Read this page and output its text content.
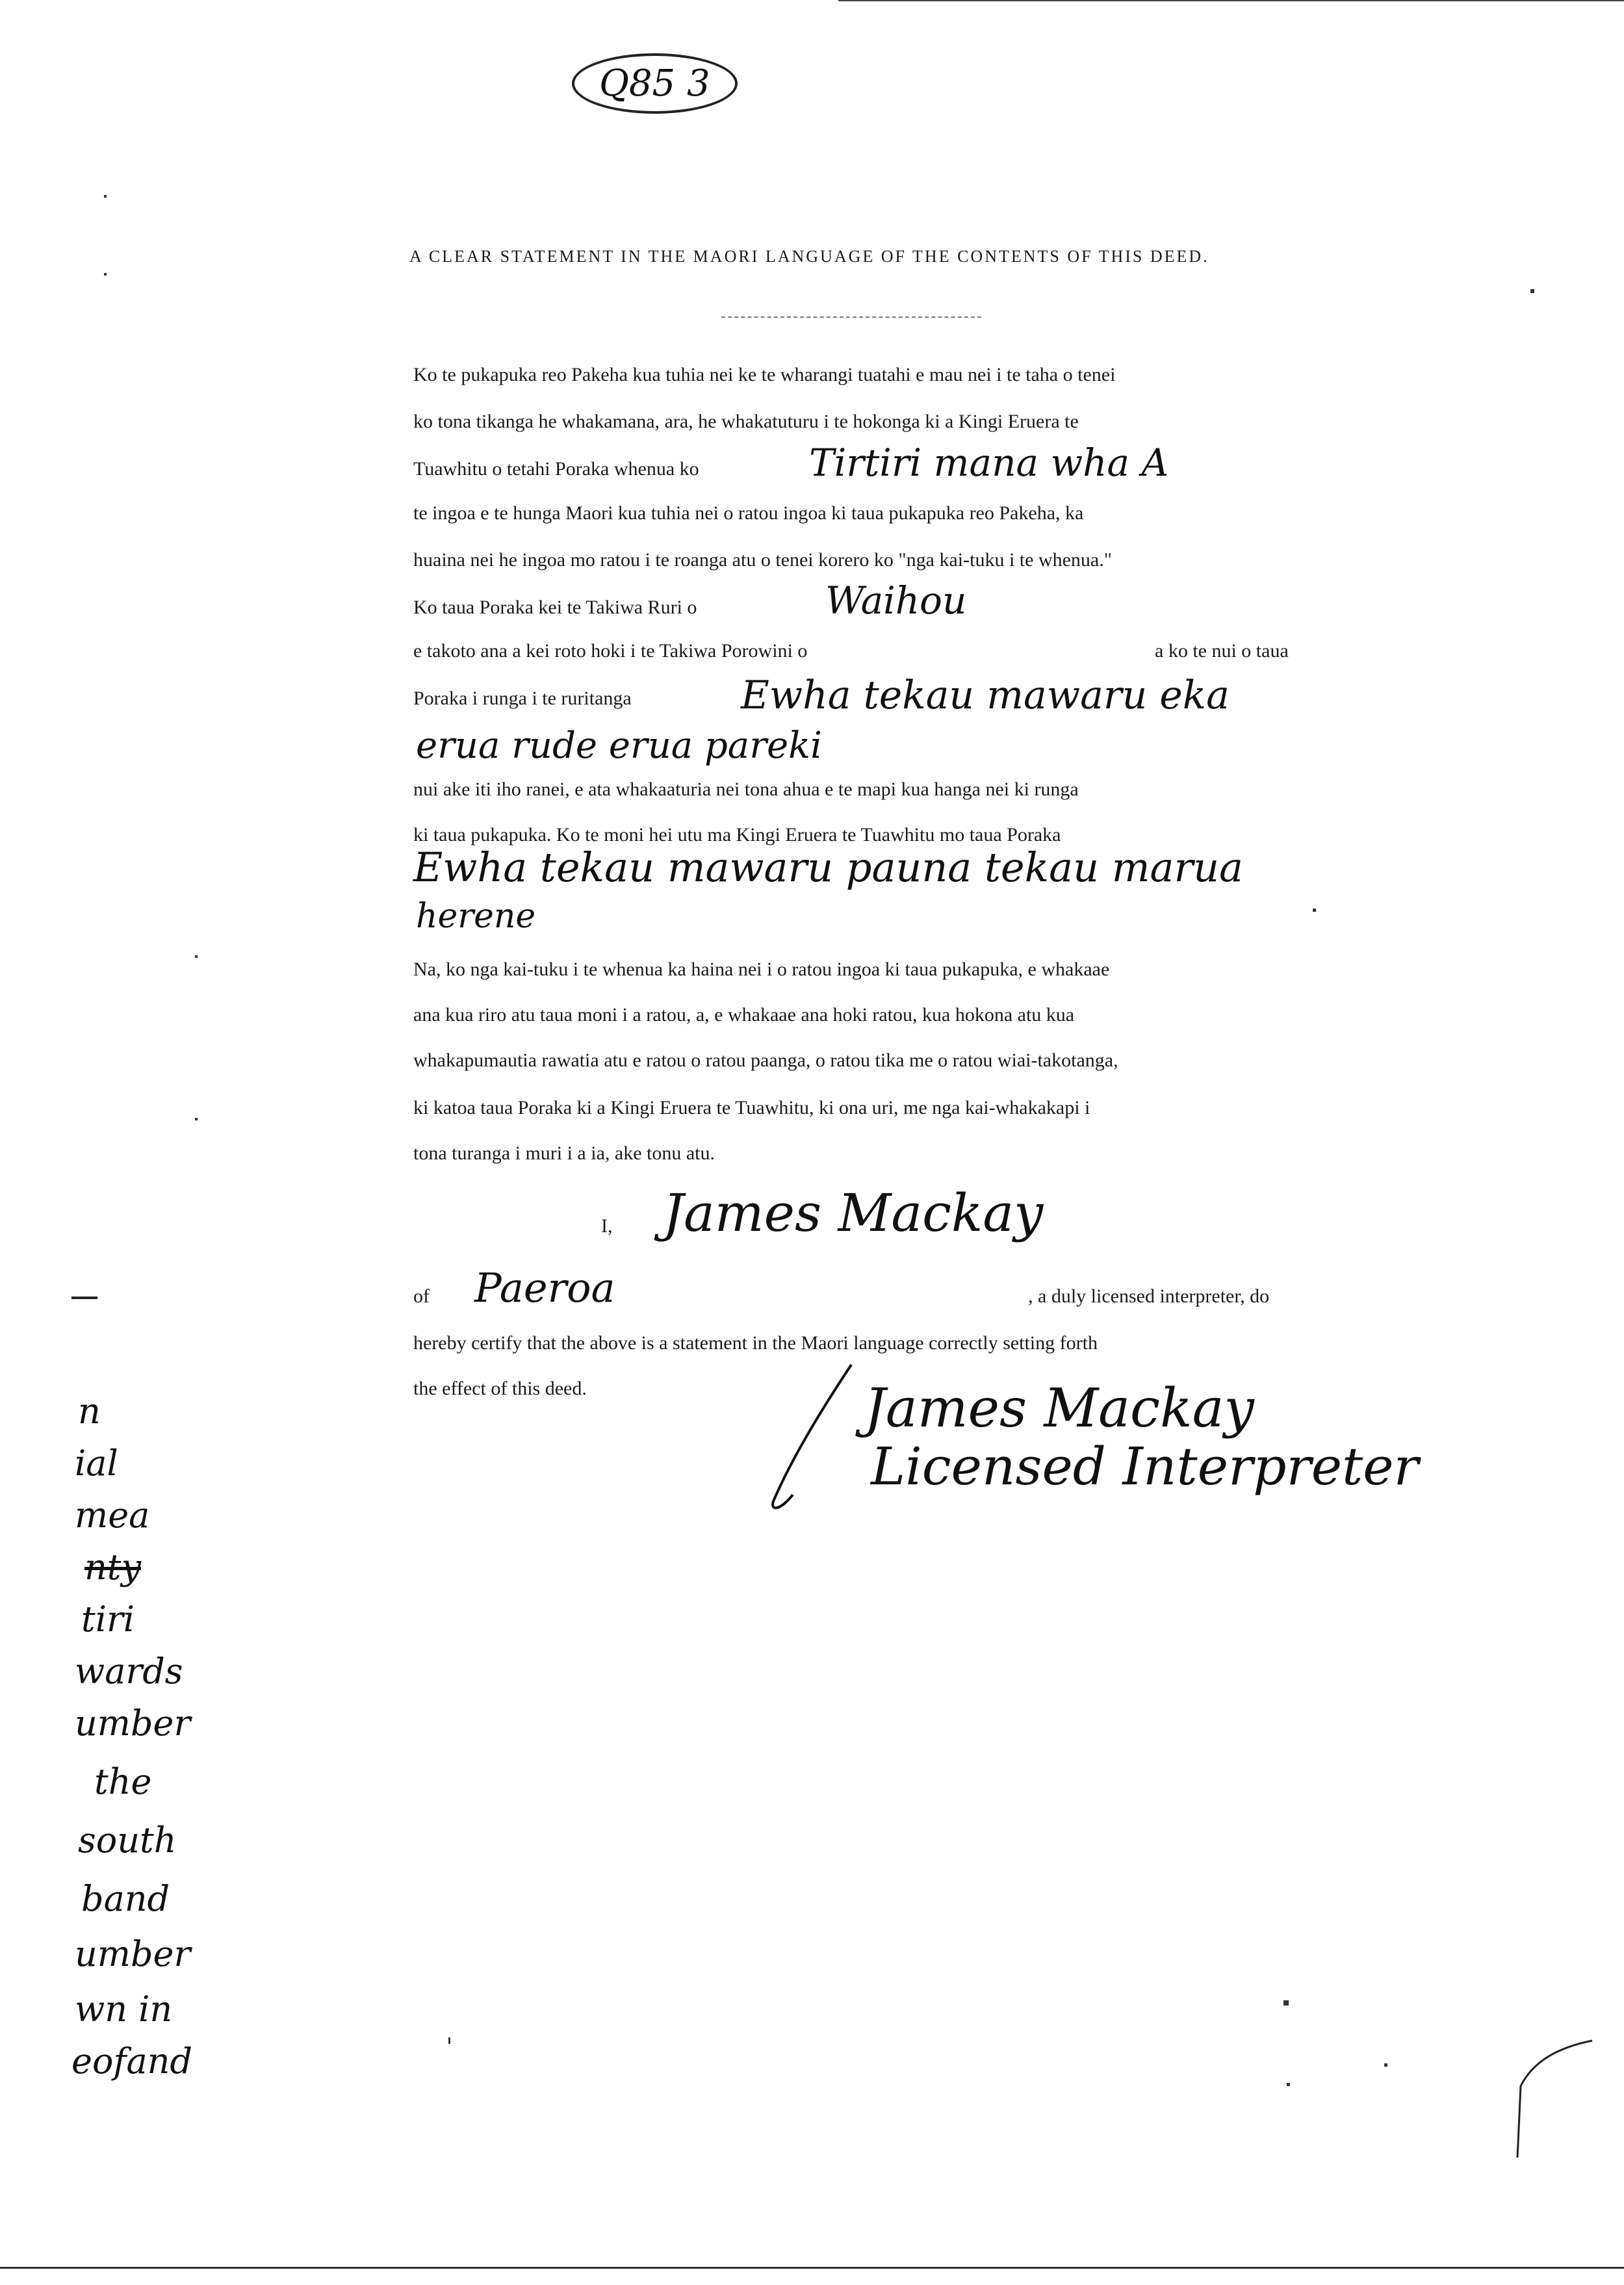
Q85 3
A CLEAR STATEMENT IN THE MAORI LANGUAGE OF THE CONTENTS OF THIS DEED.
Ko te pukapuka reo Pakeha kua tuhia nei ke te wharangi tuatahi e mau nei i te taha o tenei
ko tona tikanga he whakamana, ara, he whakatuturu i te hokonga ki a Kingi Eruera te
Tuawhitu o tetahi Poraka whenua ko	Tirtiri mana wha A
te ingoa e te hunga Maori kua tuhia nei o ratou ingoa ki taua pukapuka reo Pakeha, ka
huaina nei he ingoa mo ratou i te roanga atu o tenei korero ko "nga kai-tuku i te whenua."
Ko taua Poraka kei te Takiwa Ruri o	Waihou
e takoto ana a kei roto hoki i te Takiwa Porowini o	a ko te nui o taua
Poraka i runga i te ruritanga	Ewha tekau mawaru eka
erua rude erua pareki
nui ake iti iho ranei, e ata whakaaturia nei tona ahua e te mapi kua hanga nei ki runga
ki taua pukapuka. Ko te moni hei utu ma Kingi Eruera te Tuawhitu mo taua Poraka
Ewha tekau mawaru pauna tekau marua
herene
Na, ko nga kai-tuku i te whenua ka haina nei i o ratou ingoa ki taua pukapuka, e whakaae
ana kua riro atu taua moni i a ratou, a, e whakaae ana hoki ratou, kua hokona atu kua
whakapumautia rawatia atu e ratou o ratou paanga, o ratou tika me o ratou wiai-takotanga,
ki katoa taua Poraka ki a Kingi Eruera te Tuawhitu, ki ona uri, me nga kai-whakakapi i
tona turanga i muri i a ia, ake tonu atu.
I, James Mackay
of Paeroa	, a duly licensed interpreter, do
hereby certify that the above is a statement in the Maori language correctly setting forth
the effect of this deed.	James Mackay
Licensed Interpreter
n
ial
mea
nty
tiri
wards
umber
the
south
band
umber
wn in
eofand
